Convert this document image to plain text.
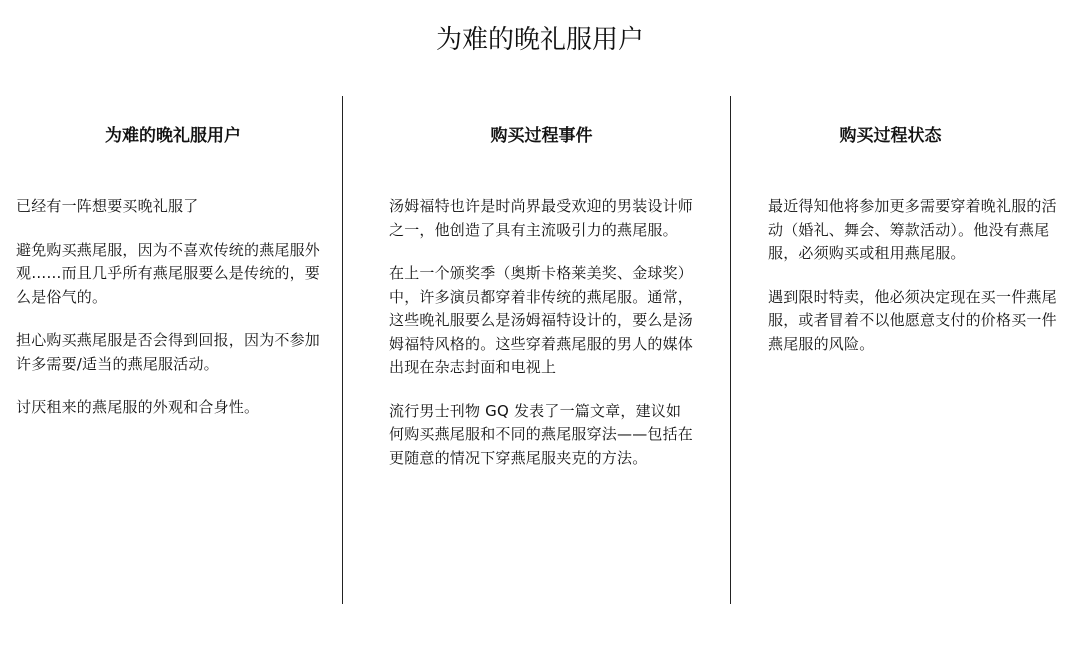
为难的晚礼服用户
为难的晚礼服用户

已经有一阵想要买晚礼服了

避免购买燕尾服，因为不喜欢传统的燕尾服外观……而且几乎所有燕尾服要么是传统的，要么是俗气的。

担心购买燕尾服是否会得到回报，因为不参加许多需要/适当的燕尾服活动。

讨厌租来的燕尾服的外观和合身性。

购买过程事件

汤姆福特也许是时尚界最受欢迎的男装设计师之一，他创造了具有主流吸引力的燕尾服。

在上一个颁奖季（奥斯卡格莱美奖、金球奖）中，许多演员都穿着非传统的燕尾服。通常，这些晚礼服要么是汤姆福特设计的，要么是汤姆福特风格的。这些穿着燕尾服的男人的媒体出现在杂志封面和电视上

流行男士刊物 GQ 发表了一篇文章，建议如何购买燕尾服和不同的燕尾服穿法——包括在更随意的情况下穿燕尾服夹克的方法。

购买过程状态

最近得知他将参加更多需要穿着晚礼服的活动（婚礼、舞会、筹款活动）。他没有燕尾服，必须购买或租用燕尾服。

遇到限时特卖，他必须决定现在买一件燕尾服，或者冒着不以他愿意支付的价格买一件燕尾服的风险。
